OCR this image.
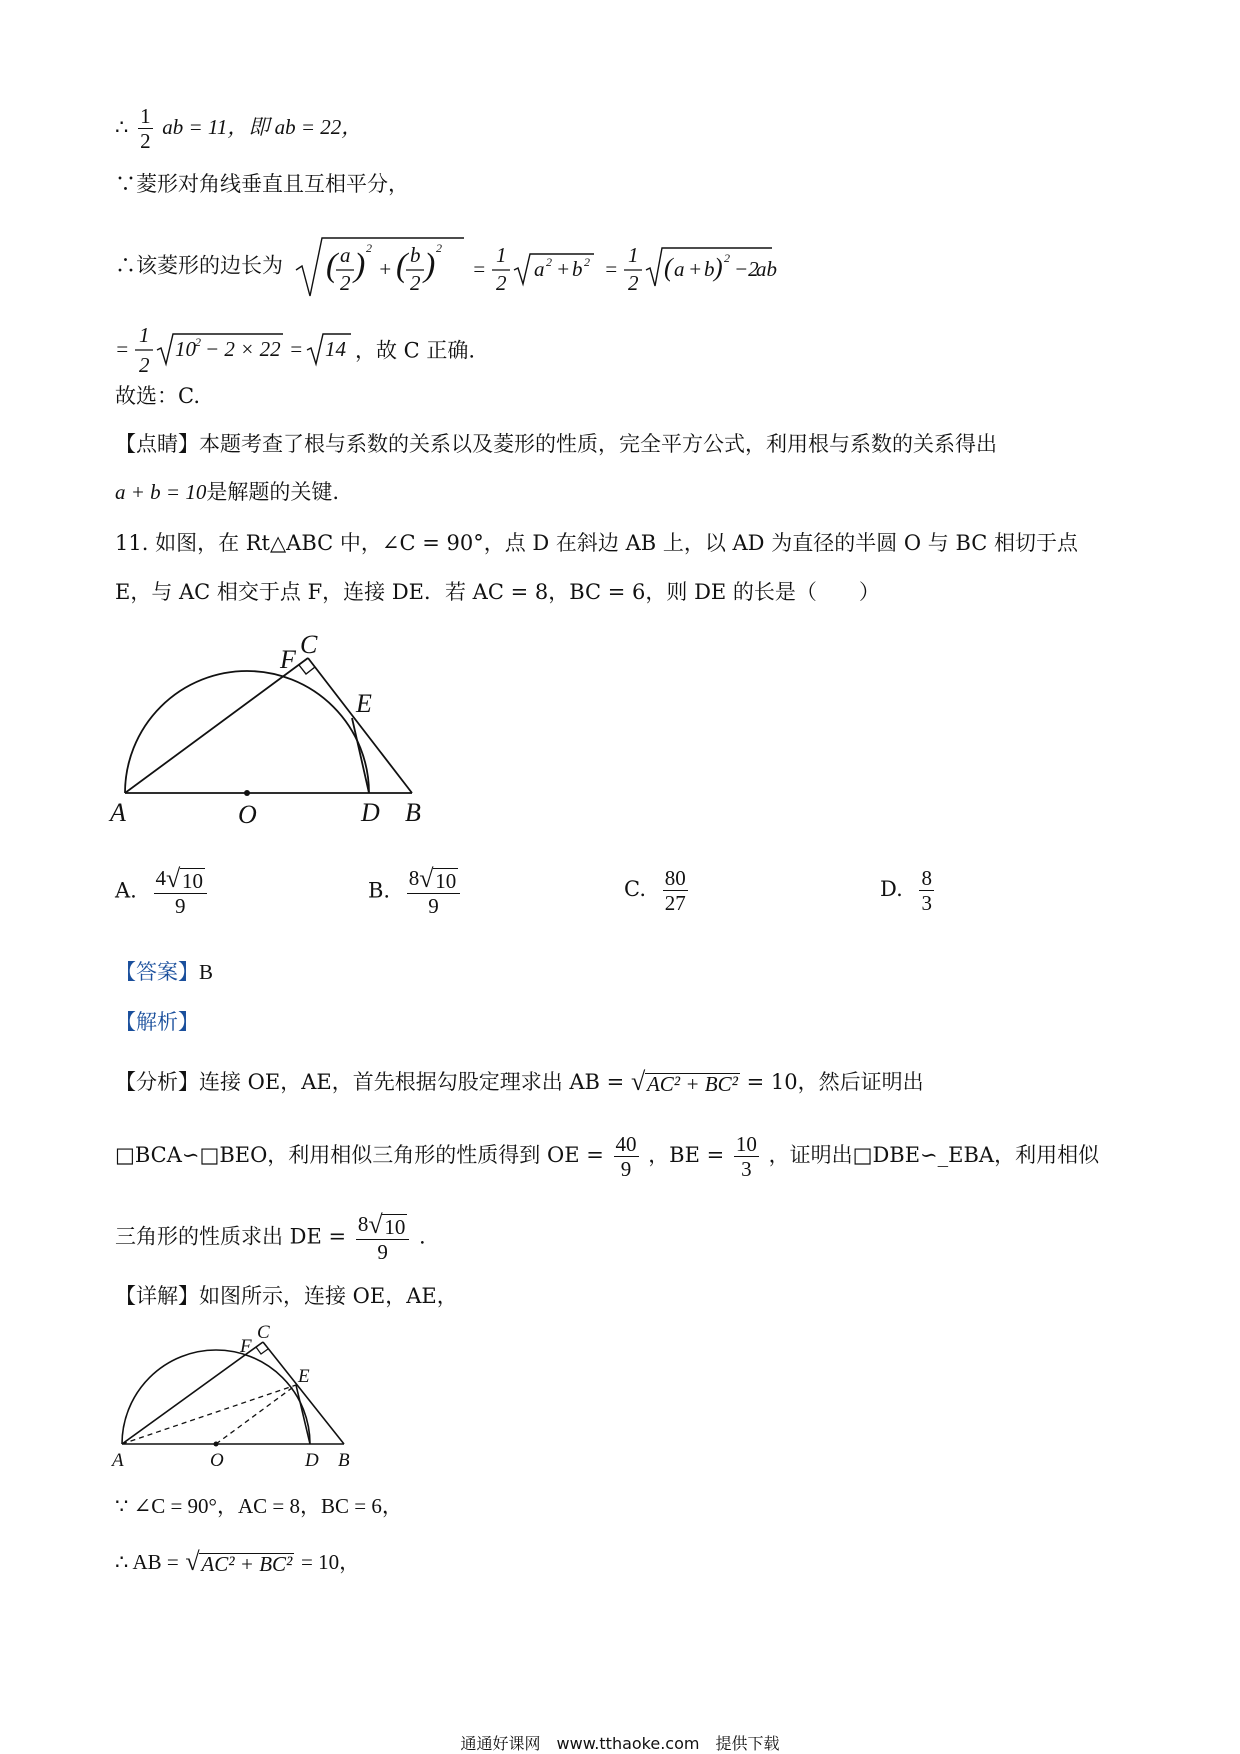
∴ $\frac{1}{2}$ ab = 11，即 ab = 22，
∵菱形对角线垂直且互相平分，
∴该菱形的边长为 ( a
2 ) 2
+ ( b
2 ) 2
=
1
2
a 2 + b 2 =
1
2
( a + b ) 2 −2
ab
=
1
2
10 2 − 2 × 22 = 14 ，故 C 正确.
故选：C.
【点睛】本题考查了根与系数的关系以及菱形的性质，完全平方公式，利用根与系数的关系得出
a + b = 10是解题的关键.
11. 如图，在 Rt△ABC 中，∠C = 90°，点 D 在斜边 AB 上，以 AD 为直径的半圆 O 与 BC 相切于点
E，与 AC 相交于点 F，连接 DE．若 AC = 8，BC = 6，则 DE 的长是（　　）
A	O	D B
C
F
E
A. $\frac{4 √ 10}{9}$	B. $\frac{8 √ 10}{9}$	C. $\frac{80}{27}$	D. $\frac{8}{3}$
【答案】B
【解析】
【分析】连接 OE，AE，首先根据勾股定理求出 AB = √ AC² + BC² = 10，然后证明出
□BCA∽□BEO，利用相似三角形的性质得到 OE = $\frac{40}{9}$ ，BE = $\frac{10}{3}$ ，证明出□DBE∽_EBA，利用相似
三角形的性质求出 DE = $\frac{8 √ 10}{9}$ .
【详解】如图所示，连接 OE，AE，
A	O	D B
C
F
E
∵ ∠C = 90°，AC = 8，BC = 6，
∴ AB = √ AC² + BC² = 10，
通通好课网　www.tthaoke.com　提供下载
